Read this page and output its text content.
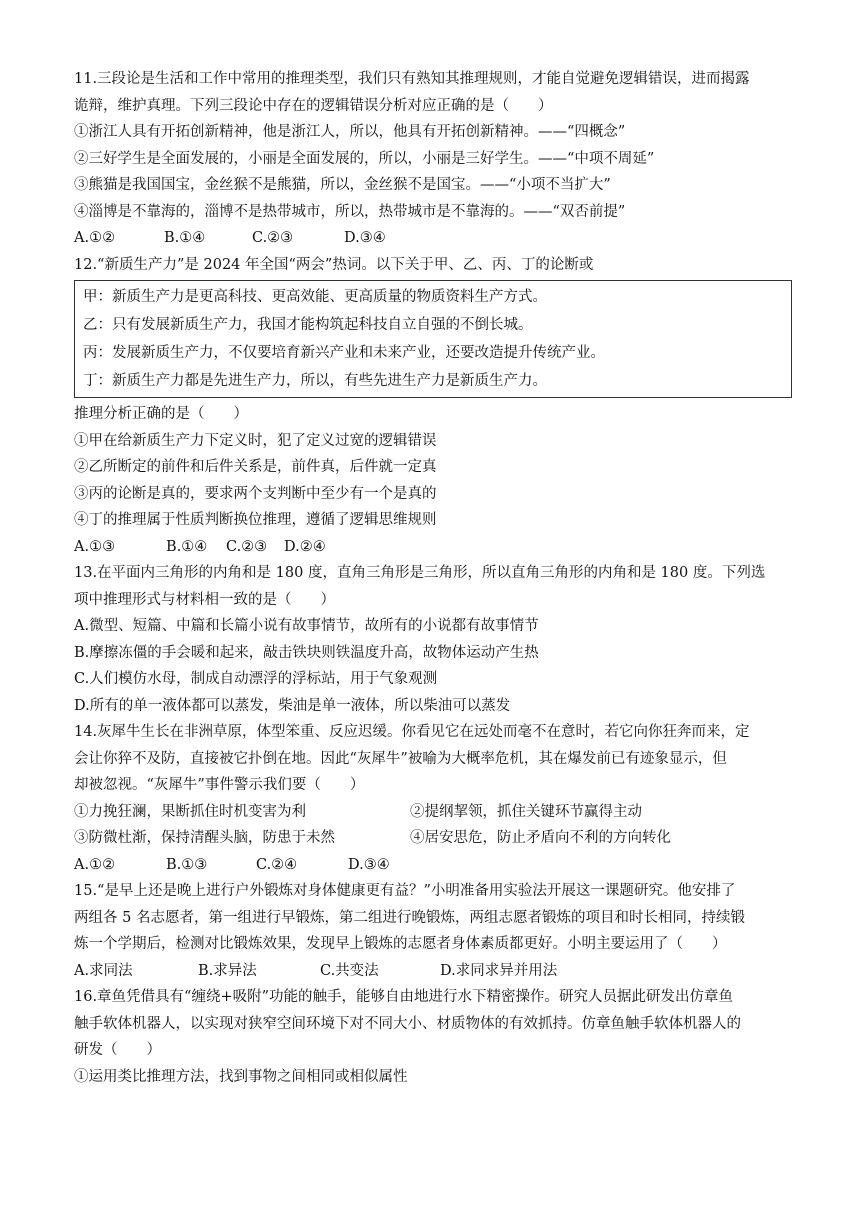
11.三段论是生活和工作中常用的推理类型，我们只有熟知其推理规则，才能自觉避免逻辑错误，进而揭露
诡辩，维护真理。下列三段论中存在的逻辑错误分析对应正确的是（　　）
①浙江人具有开拓创新精神，他是浙江人，所以，他具有开拓创新精神。——“四概念”
②三好学生是全面发展的，小丽是全面发展的，所以，小丽是三好学生。——“中项不周延”
③熊猫是我国国宝，金丝猴不是熊猫，所以，金丝猴不是国宝。——“小项不当扩大”
④淄博是不靠海的，淄博不是热带城市，所以，热带城市是不靠海的。——“双否前提”
A.①②	B.①④	C.②③	D.③④
12.“新质生产力”是 2024 年全国“两会”热词。以下关于甲、乙、丙、丁的论断或
甲：新质生产力是更高科技、更高效能、更高质量的物质资料生产方式。
乙：只有发展新质生产力，我国才能构筑起科技自立自强的不倒长城。
丙：发展新质生产力，不仅要培育新兴产业和未来产业，还要改造提升传统产业。
丁：新质生产力都是先进生产力，所以，有些先进生产力是新质生产力。
推理分析正确的是（　　）
①甲在给新质生产力下定义时，犯了定义过宽的逻辑错误
②乙所断定的前件和后件关系是，前件真，后件就一定真
③丙的论断是真的，要求两个支判断中至少有一个是真的
④丁的推理属于性质判断换位推理，遵循了逻辑思维规则
A.①③	B.①④	C.②③	D.②④
13.在平面内三角形的内角和是 180 度，直角三角形是三角形，所以直角三角形的内角和是 180 度。下列选
项中推理形式与材料相一致的是（　　）
A.微型、短篇、中篇和长篇小说有故事情节，故所有的小说都有故事情节
B.摩擦冻僵的手会暖和起来，敲击铁块则铁温度升高，故物体运动产生热
C.人们模仿水母，制成自动漂浮的浮标站，用于气象观测
D.所有的单一液体都可以蒸发，柴油是单一液体，所以柴油可以蒸发
14.灰犀牛生长在非洲草原，体型笨重、反应迟缓。你看见它在远处而毫不在意时，若它向你狂奔而来，定
会让你猝不及防，直接被它扑倒在地。因此“灰犀牛”被喻为大概率危机，其在爆发前已有迹象显示，但
却被忽视。“灰犀牛”事件警示我们要（　　）
①力挽狂澜，果断抓住时机变害为利	②提纲挈领，抓住关键环节赢得主动
③防微杜渐，保持清醒头脑，防患于未然	④居安思危，防止矛盾向不利的方向转化
A.①②	B.①③	C.②④	D.③④
15.“是早上还是晚上进行户外锻炼对身体健康更有益？”小明准备用实验法开展这一课题研究。他安排了
两组各 5 名志愿者，第一组进行早锻炼，第二组进行晚锻炼，两组志愿者锻炼的项目和时长相同，持续锻
炼一个学期后，检测对比锻炼效果，发现早上锻炼的志愿者身体素质都更好。小明主要运用了（　　）
A.求同法	B.求异法	C.共变法	D.求同求异并用法
16.章鱼凭借具有“缠绕+吸附”功能的触手，能够自由地进行水下精密操作。研究人员据此研发出仿章鱼
触手软体机器人，以实现对狭窄空间环境下对不同大小、材质物体的有效抓持。仿章鱼触手软体机器人的
研发（　　）
①运用类比推理方法，找到事物之间相同或相似属性
